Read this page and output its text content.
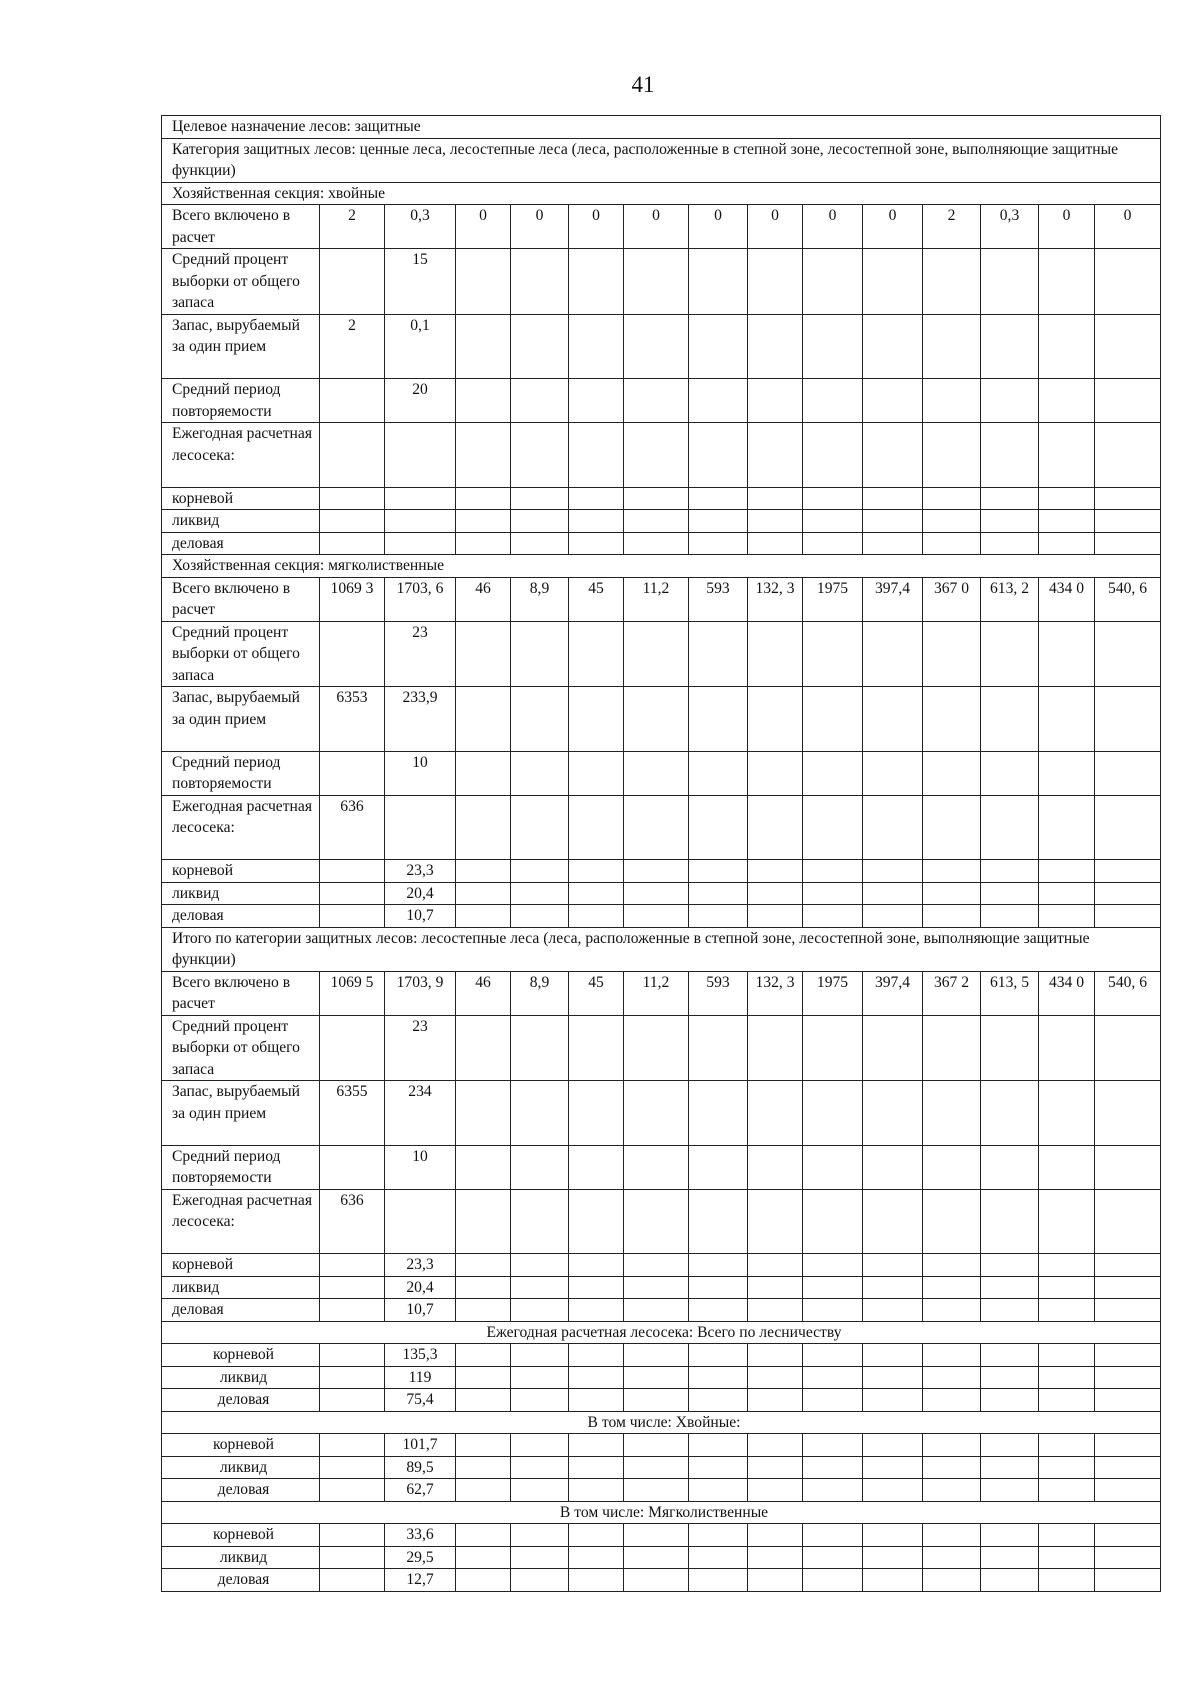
41
Целевое назначение лесов: защитные														
Категория защитных лесов: ценные леса, лесостепные леса (леса, расположенные в степной зоне, лесостепной зоне, выполняющие защитные функции)														
Хозяйственная секция: хвойные														
Всего включено в расчет	2	0,3	0	0	0	0	0	0	0	0	2	0,3	0	0
Средний процент выборки от общего запаса		15												
Запас, вырубаемый за один прием	2	0,1												
Средний период повторяемости		20												
Ежегодная расчетная лесосека:														
корневой														
ликвид														
деловая														
Хозяйственная секция: мягколиственные														
Всего включено в расчет	1069 3	1703, 6	46	8,9	45	11,2	593	132, 3	1975	397,4	367 0	613, 2	434 0	540, 6
Средний процент выборки от общего запаса		23												
Запас, вырубаемый за один прием	6353	233,9												
Средний период повторяемости		10												
Ежегодная расчетная лесосека:	636													
корневой		23,3												
ликвид		20,4												
деловая		10,7												
Итого по категории защитных лесов: лесостепные леса (леса, расположенные в степной зоне, лесостепной зоне, выполняющие защитные функции)														
Всего включено в расчет	1069 5	1703, 9	46	8,9	45	11,2	593	132, 3	1975	397,4	367 2	613, 5	434 0	540, 6
Средний процент выборки от общего запаса		23												
Запас, вырубаемый за один прием	6355	234												
Средний период повторяемости		10												
Ежегодная расчетная лесосека:	636													
корневой		23,3												
ликвид		20,4												
деловая		10,7												
Ежегодная расчетная лесосека: Всего по лесничеству														
корневой		135,3												
ликвид		119												
деловая		75,4												
В том числе: Хвойные:														
корневой		101,7												
ликвид		89,5												
деловая		62,7												
В том числе: Мягколиственные														
корневой		33,6												
ликвид		29,5												
деловая		12,7												
